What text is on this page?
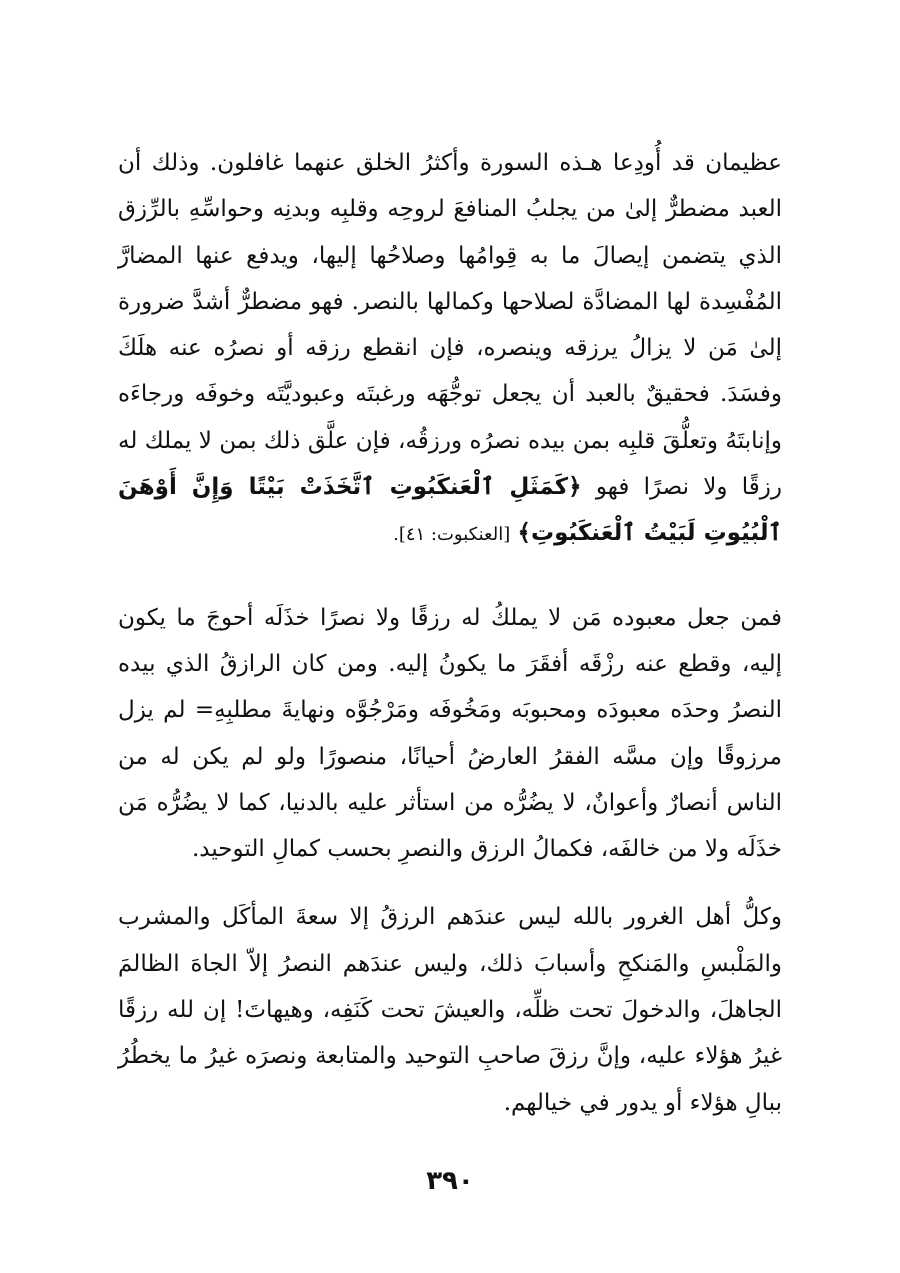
عظيمان قد أُودِعا هـذه السورة وأكثرُ الخلق عنهما غافلون. وذلك أن العبد مضطرٌّ إلىٰ من يجلبُ المنافعَ لروحِه وقلبِه وبدنِه وحواسِّهِ بالرِّزق الذي يتضمن إيصالَ ما به قِوامُها وصلاحُها إليها، ويدفع عنها المضارَّ المُفْسِدة لها المضادَّة لصلاحها وكمالها بالنصر. فهو مضطرٌّ أشدَّ ضرورة إلىٰ مَن لا يزالُ يرزقه وينصره، فإن انقطع رزقه أو نصرُه عنه هلَكَ وفسَدَ. فحقيقٌ بالعبد أن يجعل توجُّهَه ورغبتَه وعبوديَّتَه وخوفَه ورجاءَه وإنابتَهُ وتعلُّقَ قلبِه بمن بيده نصرُه ورزقُه، فإن علَّق ذلك بمن لا يملك له رزقًا ولا نصرًا فهو ﴿كَمَثَلِ ٱلْعَنكَبُوتِ ٱتَّخَذَتْ بَيْتًا وَإِنَّ أَوْهَنَ ٱلْبُيُوتِ لَبَيْتُ ٱلْعَنكَبُوتِ﴾ [العنكبوت: ٤١].

فمن جعل معبوده مَن لا يملكُ له رزقًا ولا نصرًا خذَلَه أحوجَ ما يكون إليه، وقطع عنه رزْقَه أفقَرَ ما يكونُ إليه. ومن كان الرازقُ الذي بيده النصرُ وحدَه معبودَه ومحبوبَه ومَخُوفَه ومَرْجُوَّه ونهايةَ مطلبِهِ= لم يزل مرزوقًا وإن مسَّه الفقرُ العارضُ أحيانًا، منصورًا ولو لم يكن له من الناس أنصارٌ وأعوانٌ، لا يضُرُّه من استأثر عليه بالدنيا، كما لا يضُرُّه مَن خذَلَه ولا من خالفَه، فكمالُ الرزق والنصرِ بحسب كمالِ التوحيد.

وكلُّ أهل الغرور بالله ليس عندَهم الرزقُ إلا سعةَ المأكَل والمشرب والمَلْبسِ والمَنكحِ وأسبابَ ذلك، وليس عندَهم النصرُ إلاّ الجاهَ الظالمَ الجاهلَ، والدخولَ تحت ظلِّه، والعيشَ تحت كَنَفِه، وهيهاتَ! إن لله رزقًا غيرُ هؤلاء عليه، وإنَّ رزقَ صاحبِ التوحيد والمتابعة ونصرَه غيرُ ما يخطُرُ ببالِ هؤلاء أو يدور في خيالهم.

٣٩٠
